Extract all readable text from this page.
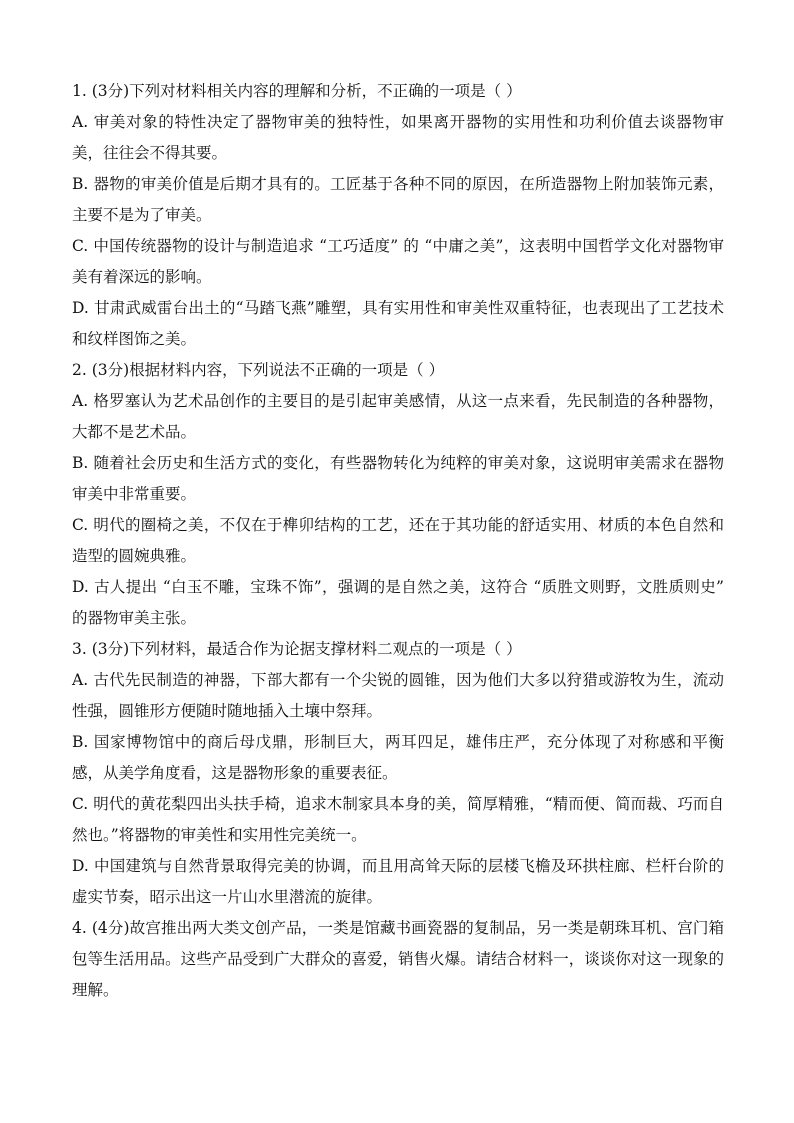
1. (3分)下列对材料相关内容的理解和分析，不正确的一项是（ ）

A. 审美对象的特性决定了器物审美的独特性，如果离开器物的实用性和功利价值去谈器物审美，往往会不得其要。

B. 器物的审美价值是后期才具有的。工匠基于各种不同的原因，在所造器物上附加装饰元素，主要不是为了审美。

C. 中国传统器物的设计与制造追求 “工巧适度” 的 “中庸之美”，这表明中国哲学文化对器物审美有着深远的影响。

D. 甘肃武威雷台出土的“马踏飞燕”雕塑，具有实用性和审美性双重特征，也表现出了工艺技术和纹样图饰之美。

2. (3分)根据材料内容，下列说法不正确的一项是（ ）

A. 格罗塞认为艺术品创作的主要目的是引起审美感情，从这一点来看，先民制造的各种器物，大都不是艺术品。

B. 随着社会历史和生活方式的变化，有些器物转化为纯粹的审美对象，这说明审美需求在器物审美中非常重要。

C. 明代的圈椅之美，不仅在于榫卯结构的工艺，还在于其功能的舒适实用、材质的本色自然和造型的圆婉典雅。

D. 古人提出 “白玉不雕，宝珠不饰”，强调的是自然之美，这符合 “质胜文则野，文胜质则史” 的器物审美主张。

3. (3分)下列材料，最适合作为论据支撑材料二观点的一项是（ ）

A. 古代先民制造的神器，下部大都有一个尖锐的圆锥，因为他们大多以狩猎或游牧为生，流动性强，圆锥形方便随时随地插入土壤中祭拜。

B. 国家博物馆中的商后母戊鼎，形制巨大，两耳四足，雄伟庄严，充分体现了对称感和平衡感，从美学角度看，这是器物形象的重要表征。

C. 明代的黄花梨四出头扶手椅，追求木制家具本身的美，简厚精雅，“精而便、简而裁、巧而自然也。”将器物的审美性和实用性完美统一。

D. 中国建筑与自然背景取得完美的协调，而且用高耸天际的层楼飞檐及环拱柱廊、栏杆台阶的虚实节奏，昭示出这一片山水里潜流的旋律。

4. (4分)故宫推出两大类文创产品，一类是馆藏书画瓷器的复制品，另一类是朝珠耳机、宫门箱包等生活用品。这些产品受到广大群众的喜爱，销售火爆。请结合材料一，谈谈你对这一现象的理解。
